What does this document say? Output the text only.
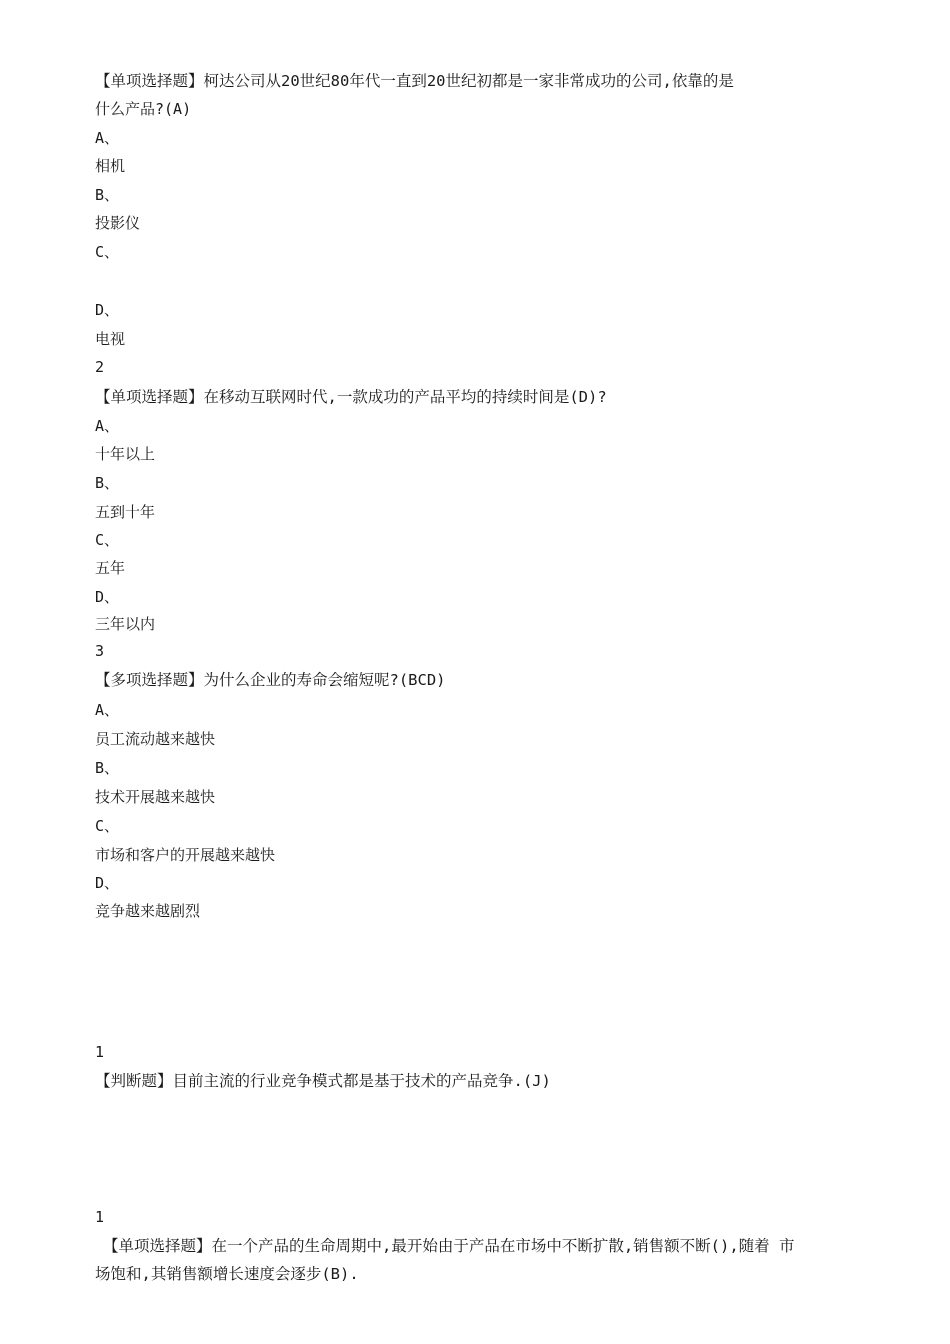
【单项选择题】柯达公司从20世纪80年代一直到20世纪初都是一家非常成功的公司,依靠的是
什么产品?(A)
A、
相机
B、
投影仪
C、
D、
电视
2
【单项选择题】在移动互联网时代,一款成功的产品平均的持续时间是(D)?
A、
十年以上
B、
五到十年
C、
五年
D、
三年以内
3
【多项选择题】为什么企业的寿命会缩短呢?(BCD)
A、
员工流动越来越快
B、
技术开展越来越快
C、
市场和客户的开展越来越快
D、
竞争越来越剧烈
1
【判断题】目前主流的行业竞争模式都是基于技术的产品竞争.(J)
1
【单项选择题】在一个产品的生命周期中,最开始由于产品在市场中不断扩散,销售额不断(),随着 市
场饱和,其销售额增长速度会逐步(B).
